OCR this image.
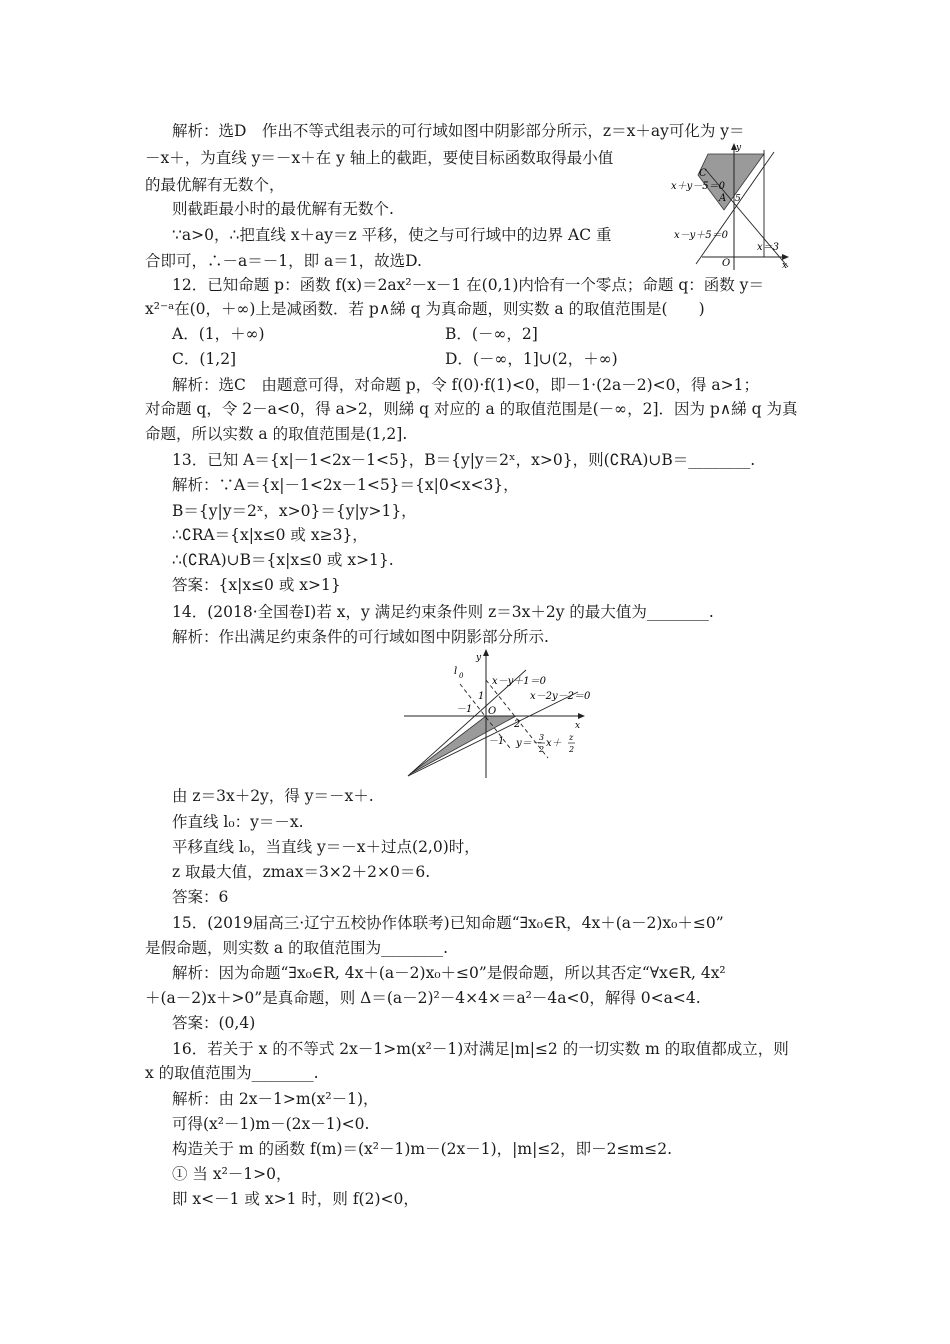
解析：选D　作出不等式组表示的可行域如图中阴影部分所示，z＝x＋ay可化为 y＝

－x＋，为直线 y＝－x＋在 y 轴上的截距，要使目标函数取得最小值

的最优解有无数个，

则截距最小时的最优解有无数个.

∵a>0，∴把直线 x＋ay＝z 平移，使之与可行域中的边界 AC 重

合即可，∴－a＝－1，即 a＝1，故选D.

12．已知命题 p：函数 f(x)＝2ax²－x－1 在(0,1)内恰有一个零点；命题 q：函数 y＝

x²⁻ᵃ在(0，＋∞)上是减函数．若 p∧綈 q 为真命题，则实数 a 的取值范围是(　　)

A．(1，＋∞)	B．(－∞，2]

C．(1,2]	D．(－∞，1]∪(2，＋∞)

解析：选C　由题意可得，对命题 p，令 f(0)·f(1)<0，即－1·(2a－2)<0，得 a>1；

对命题 q，令 2－a<0，得 a>2，则綈 q 对应的 a 的取值范围是(－∞，2]．因为 p∧綈 q 为真

命题，所以实数 a 的取值范围是(1,2].

13．已知 A＝{x|－1<2x－1<5}，B＝{y|y＝2ˣ，x>0}，则(∁RA)∪B＝________.

解析：∵A＝{x|－1<2x－1<5}＝{x|0<x<3}，

B＝{y|y＝2ˣ，x>0}＝{y|y>1}，

∴∁RA＝{x|x≤0 或 x≥3}，

∴(∁RA)∪B＝{x|x≤0 或 x>1}.

答案：{x|x≤0 或 x>1}

14．(2018·全国卷Ⅰ)若 x，y 满足约束条件则 z＝3x＋2y 的最大值为________.

解析：作出满足约束条件的可行域如图中阴影部分所示.

由 z＝3x＋2y，得 y＝－x＋.

作直线 l₀：y＝－x.

平移直线 l₀，当直线 y＝－x＋过点(2,0)时，

z 取最大值，zmax＝3×2＋2×0＝6.

答案：6

15．(2019届高三·辽宁五校协作体联考)已知命题“∃x₀∈R，4x＋(a－2)x₀＋≤0”

是假命题，则实数 a 的取值范围为________.

解析：因为命题“∃x₀∈R, 4x＋(a－2)x₀＋≤0”是假命题，所以其否定“∀x∈R, 4x²

＋(a－2)x＋>0”是真命题，则 Δ＝(a－2)²－4×4×＝a²－4a<0，解得 0<a<4.

答案：(0,4)

16．若关于 x 的不等式 2x－1>m(x²－1)对满足|m|≤2 的一切实数 m 的取值都成立，则

x 的取值范围为________.

解析：由 2x－1>m(x²－1)，

可得(x²－1)m－(2x－1)<0.

构造关于 m 的函数 f(m)＝(x²－1)m－(2x－1)，|m|≤2，即－2≤m≤2.

① 当 x²－1>0，

即 x<－1 或 x>1 时，则 f(2)<0，

y
x
x＋y－5＝0
x－y＋5＝0
x＝3
C
A 5
O
y
x
l 0	x－y＋1＝0
x－2y－2＝0
y＝－
3
2
x＋
z
2
O
1
－1
2
－1
